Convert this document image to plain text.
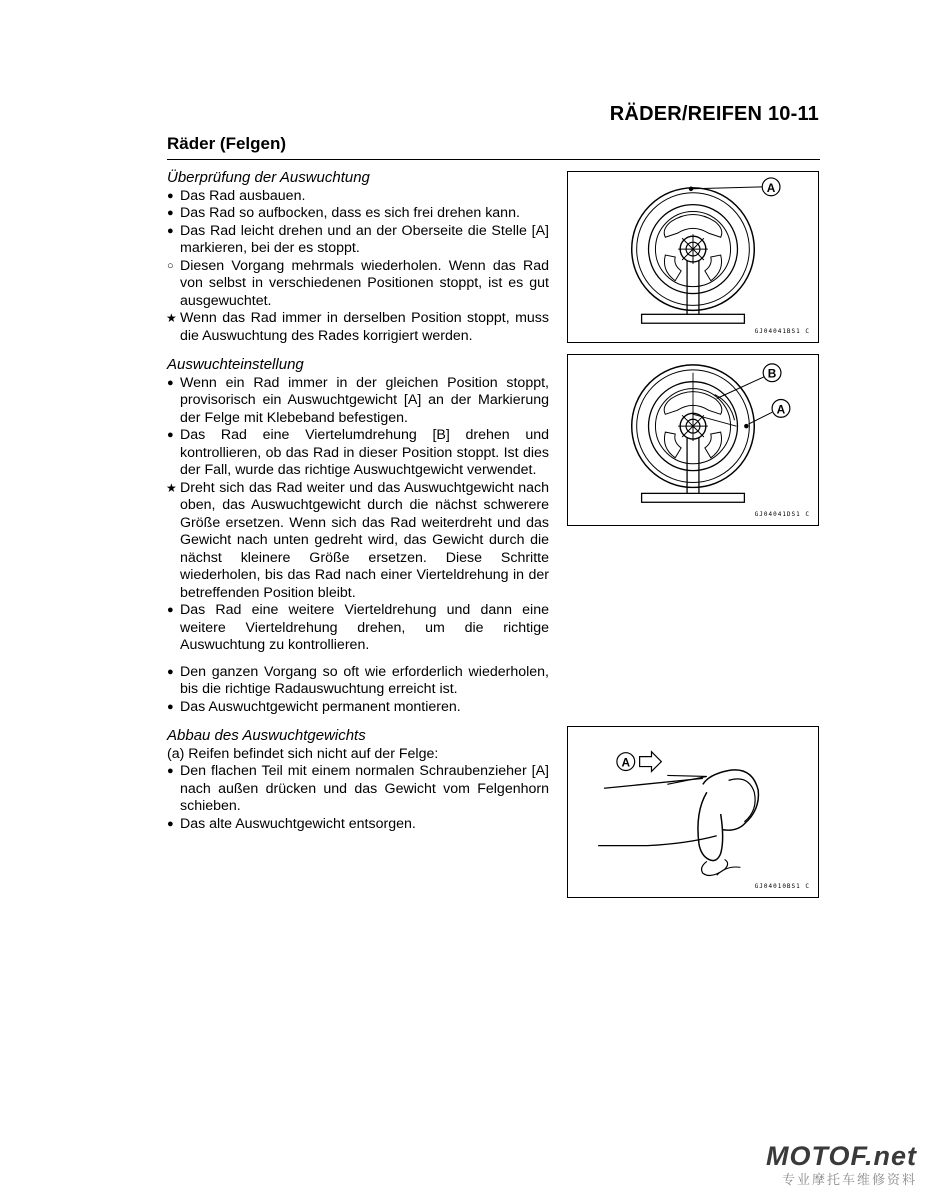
RÄDER/REIFEN 10-11
Räder (Felgen)
Überprüfung der Auswuchtung
● Das Rad ausbauen.
● Das Rad so aufbocken, dass es sich frei drehen kann.
● Das Rad leicht drehen und an der Oberseite die Stelle [A] markieren, bei der es stoppt.
○ Diesen Vorgang mehrmals wiederholen. Wenn das Rad von selbst in verschiedenen Positionen stoppt, ist es gut ausgewuchtet.
★ Wenn das Rad immer in derselben Position stoppt, muss die Auswuchtung des Rades korrigiert werden.
Auswuchteinstellung
● Wenn ein Rad immer in der gleichen Position stoppt, provisorisch ein Auswuchtgewicht [A] an der Markierung der Felge mit Klebeband befestigen.
● Das Rad eine Viertelumdrehung [B] drehen und kontrollieren, ob das Rad in dieser Position stoppt. Ist dies der Fall, wurde das richtige Auswuchtgewicht verwendet.
★ Dreht sich das Rad weiter und das Auswuchtgewicht nach oben, das Auswuchtgewicht durch die nächst schwerere Größe ersetzen. Wenn sich das Rad weiterdreht und das Gewicht nach unten gedreht wird, das Gewicht durch die nächst kleinere Größe ersetzen. Diese Schritte wiederholen, bis das Rad nach einer Vierteldrehung in der betreffenden Position bleibt.
● Das Rad eine weitere Vierteldrehung und dann eine weitere Vierteldrehung drehen, um die richtige Auswuchtung zu kontrollieren.
● Den ganzen Vorgang so oft wie erforderlich wiederholen, bis die richtige Radauswuchtung erreicht ist.
● Das Auswuchtgewicht permanent montieren.
Abbau des Auswuchtgewichts
(a) Reifen befindet sich nicht auf der Felge:
● Den flachen Teil mit einem normalen Schraubenzieher [A] nach außen drücken und das Gewicht vom Felgenhorn schieben.
● Das alte Auswuchtgewicht entsorgen.
A
GJ04041BS1 C
B
A
GJ04041DS1 C
A
GJ04010BS1 C
MOTOF.net
专业摩托车维修资料
